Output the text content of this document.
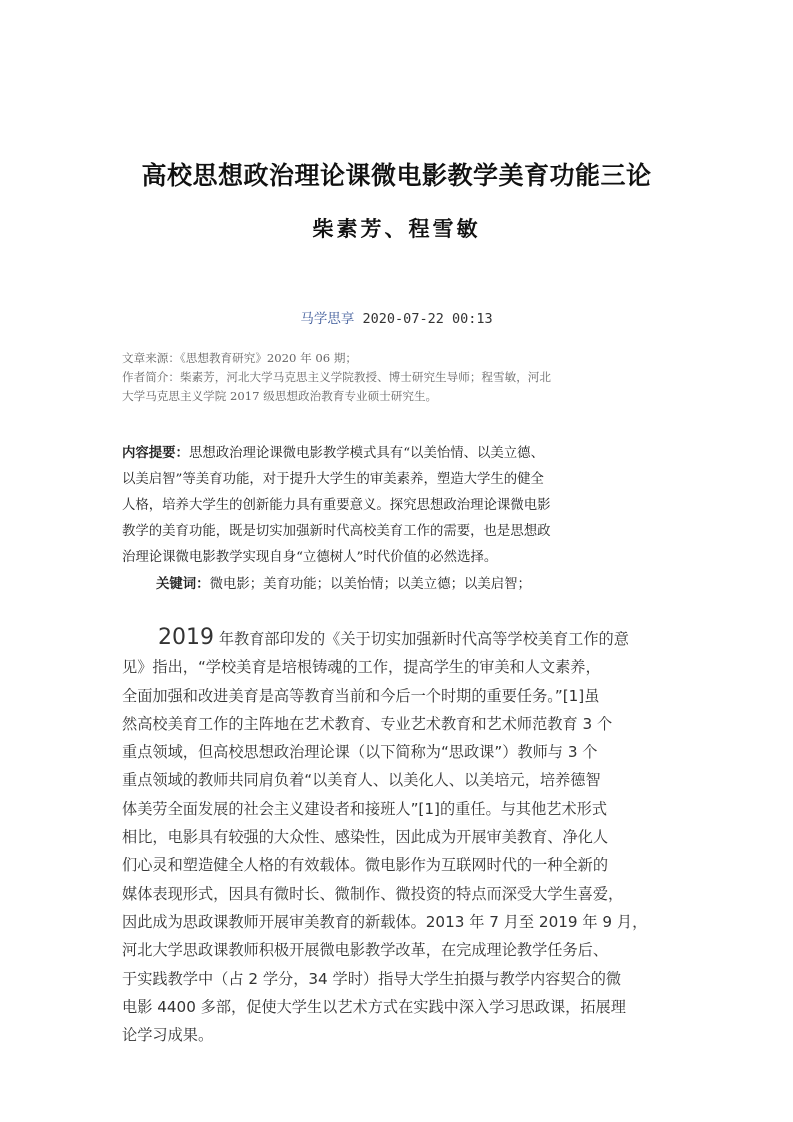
高校思想政治理论课微电影教学美育功能三论
柴素芳、程雪敏
马学思享 2020-07-22 00:13
文章来源：《思想教育研究》2020 年 06 期；
作者简介：柴素芳，河北大学马克思主义学院教授、博士研究生导师；程雪敏，河北
大学马克思主义学院 2017 级思想政治教育专业硕士研究生。
内容提要：思想政治理论课微电影教学模式具有“以美怡情、以美立德、
以美启智”等美育功能，对于提升大学生的审美素养，塑造大学生的健全
人格，培养大学生的创新能力具有重要意义。探究思想政治理论课微电影
教学的美育功能，既是切实加强新时代高校美育工作的需要，也是思想政
治理论课微电影教学实现自身“立德树人”时代价值的必然选择。
关键词：微电影；美育功能；以美怡情；以美立德；以美启智；
2019 年教育部印发的《关于切实加强新时代高等学校美育工作的意
见》指出，“学校美育是培根铸魂的工作，提高学生的审美和人文素养，
全面加强和改进美育是高等教育当前和今后一个时期的重要任务。”[1]虽
然高校美育工作的主阵地在艺术教育、专业艺术教育和艺术师范教育 3 个
重点领域，但高校思想政治理论课（以下简称为“思政课”）教师与 3 个
重点领域的教师共同肩负着“以美育人、以美化人、以美培元，培养德智
体美劳全面发展的社会主义建设者和接班人”[1]的重任。与其他艺术形式
相比，电影具有较强的大众性、感染性，因此成为开展审美教育、净化人
们心灵和塑造健全人格的有效载体。微电影作为互联网时代的一种全新的
媒体表现形式，因具有微时长、微制作、微投资的特点而深受大学生喜爱，
因此成为思政课教师开展审美教育的新载体。2013 年 7 月至 2019 年 9 月，
河北大学思政课教师积极开展微电影教学改革，在完成理论教学任务后、
于实践教学中（占 2 学分，34 学时）指导大学生拍摄与教学内容契合的微
电影 4400 多部，促使大学生以艺术方式在实践中深入学习思政课，拓展理
论学习成果。
